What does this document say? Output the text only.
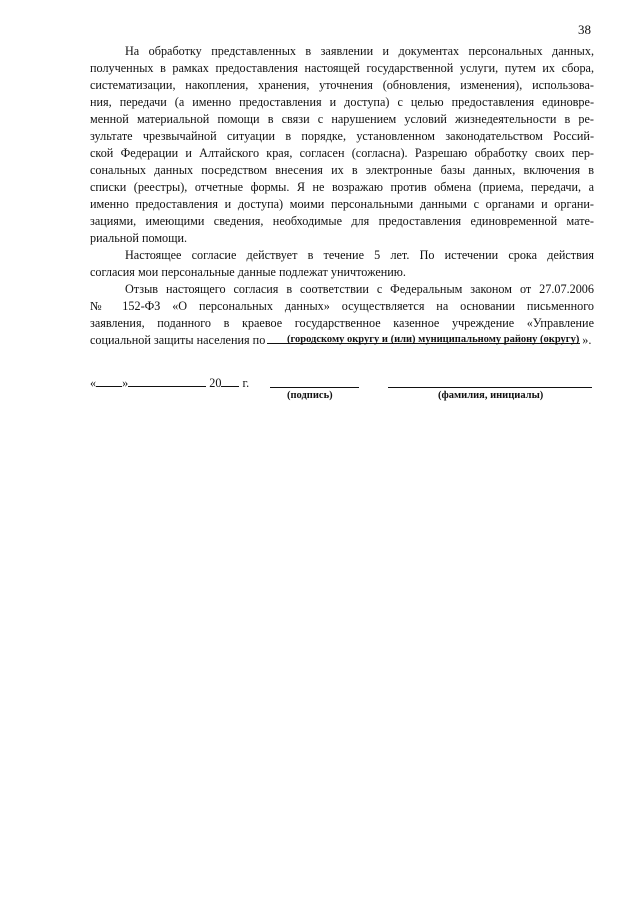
38
На обработку представленных в заявлении и документах персональных данных,
полученных в рамках предоставления настоящей государственной услуги, путем их сбора,
систематизации, накопления, хранения, уточнения (обновления, изменения), использова-
ния, передачи (а именно предоставления и доступа) с целью предоставления единовре-
менной материальной помощи в связи с нарушением условий жизнедеятельности в ре-
зультате чрезвычайной ситуации в порядке, установленном законодательством Россий-
ской Федерации и Алтайского края, согласен (согласна). Разрешаю обработку своих пер-
сональных данных посредством внесения их в электронные базы данных, включения в
списки (реестры), отчетные формы. Я не возражаю против обмена (приема, передачи, а
именно предоставления и доступа) моими персональными данными с органами и органи-
зациями, имеющими сведения, необходимые для предоставления единовременной мате-
риальной помощи.
Настоящее согласие действует в течение 5 лет. По истечении срока действия
согласия мои персональные данные подлежат уничтожению.
Отзыв настоящего согласия в соответствии с Федеральным законом от 27.07.2006
№ 152-ФЗ «О персональных данных» осуществляется на основании письменного
заявления, поданного в краевое государственное казенное учреждение «Управление
социальной защиты населения по	».
(городскому округу и (или) муниципальному району (округу)
« »	20 г.
(подпись)	(фамилия, инициалы)
